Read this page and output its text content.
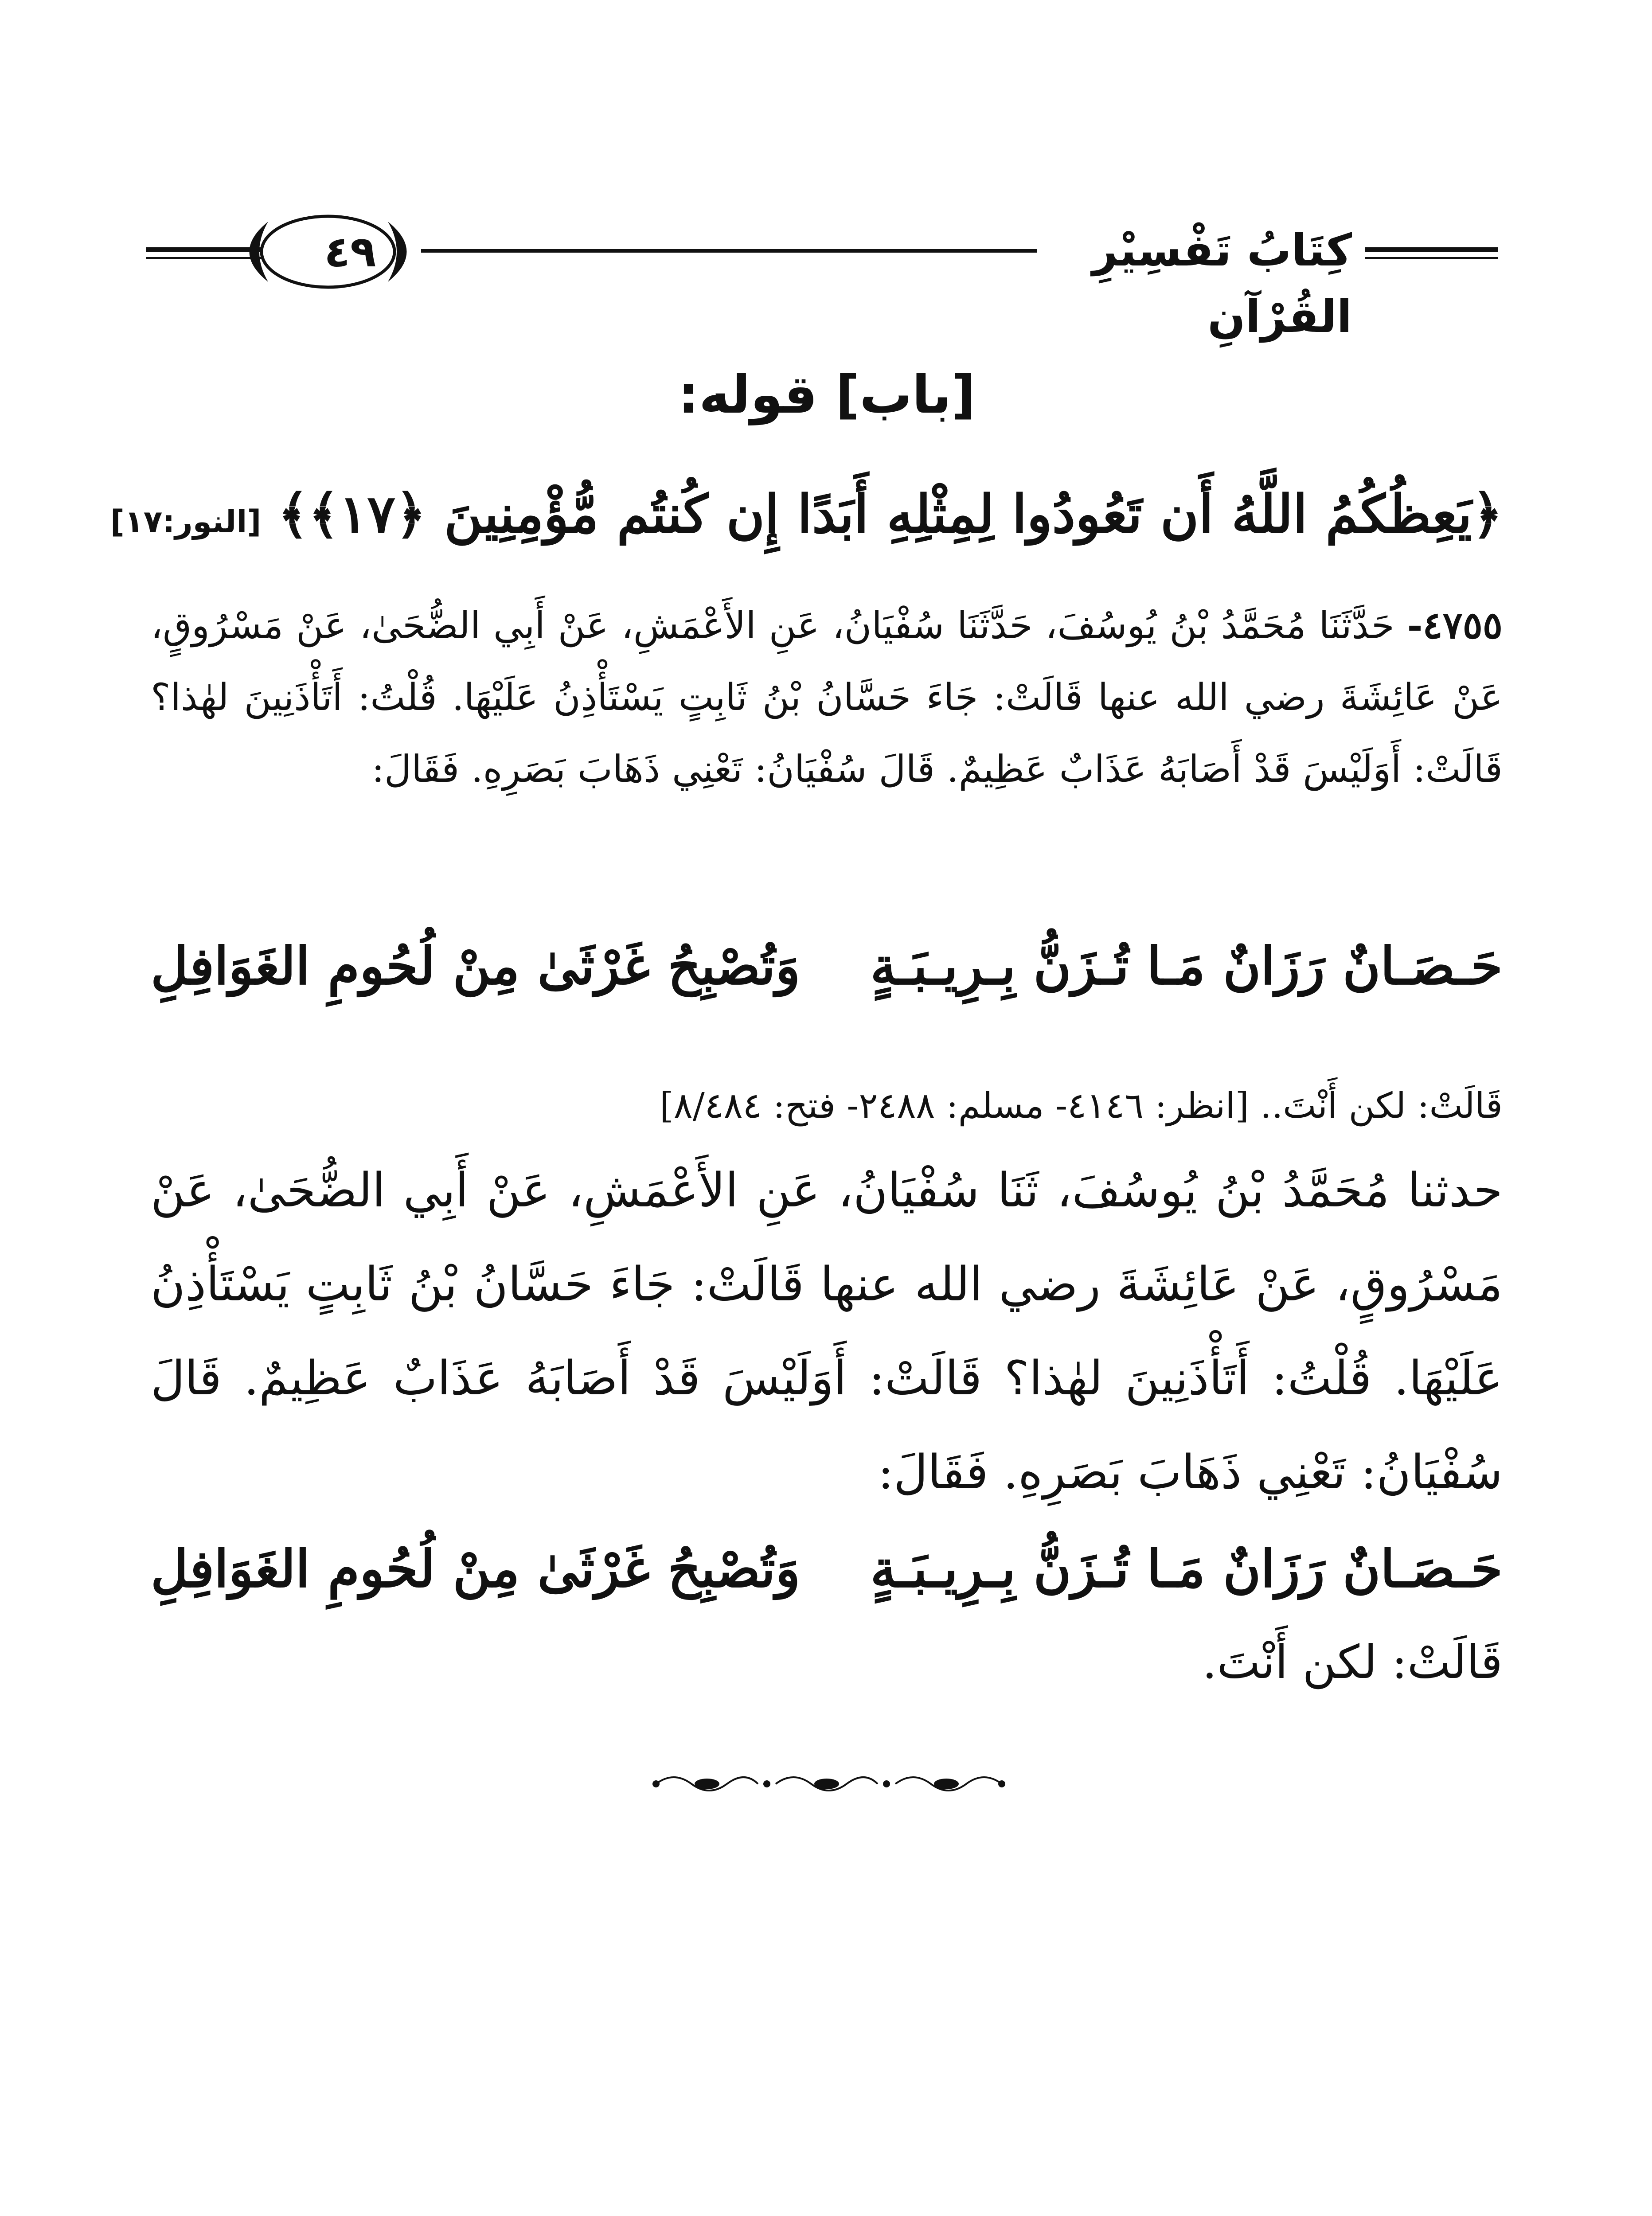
٤٩	كِتَابُ تَفْسِيْرِ القُرْآنِ
[باب] قوله:
﴿يَعِظُكُمُ اللَّهُ أَن تَعُودُوا لِمِثْلِهِ أَبَدًا إِن كُنتُم مُّؤْمِنِينَ ﴿١٧﴾﴾ [النور:١٧]
٤٧٥٥- حَدَّثَنَا مُحَمَّدُ بْنُ يُوسُفَ، حَدَّثَنَا سُفْيَانُ، عَنِ الأَعْمَشِ، عَنْ أَبِي الضُّحَىٰ، عَنْ مَسْرُوقٍ، عَنْ عَائِشَةَ رضي الله عنها قَالَتْ: جَاءَ حَسَّانُ بْنُ ثَابِتٍ يَسْتَأْذِنُ عَلَيْهَا. قُلْتُ: أَتَأْذَنِينَ لهٰذا؟ قَالَتْ: أَوَلَيْسَ قَدْ أَصَابَهُ عَذَابٌ عَظِيمٌ. قَالَ سُفْيَانُ: تَعْنِي ذَهَابَ بَصَرِهِ. فَقَالَ:
حَـصَـانٌ رَزَانٌ مَـا تُـزَنُّ بِـرِيـبَـةٍ
وَتُصْبِحُ غَرْثَىٰ مِنْ لُحُومِ الغَوَافِلِ
قَالَتْ: لكن أَنْتَ.. [انظر: ٤١٤٦- مسلم: ٢٤٨٨- فتح: ٨/٤٨٤]
حدثنا مُحَمَّدُ بْنُ يُوسُفَ، ثَنَا سُفْيَانُ، عَنِ الأَعْمَشِ، عَنْ أَبِي الضُّحَىٰ، عَنْ مَسْرُوقٍ، عَنْ عَائِشَةَ رضي الله عنها قَالَتْ: جَاءَ حَسَّانُ بْنُ ثَابِتٍ يَسْتَأْذِنُ عَلَيْهَا. قُلْتُ: أَتَأْذَنِينَ لهٰذا؟ قَالَتْ: أَوَلَيْسَ قَدْ أَصَابَهُ عَذَابٌ عَظِيمٌ. قَالَ سُفْيَانُ: تَعْنِي ذَهَابَ بَصَرِهِ. فَقَالَ:
حَـصَـانٌ رَزَانٌ مَـا تُـزَنُّ بِـرِيـبَـةٍ
وَتُصْبِحُ غَرْثَىٰ مِنْ لُحُومِ الغَوَافِلِ
قَالَتْ: لكن أَنْتَ.
